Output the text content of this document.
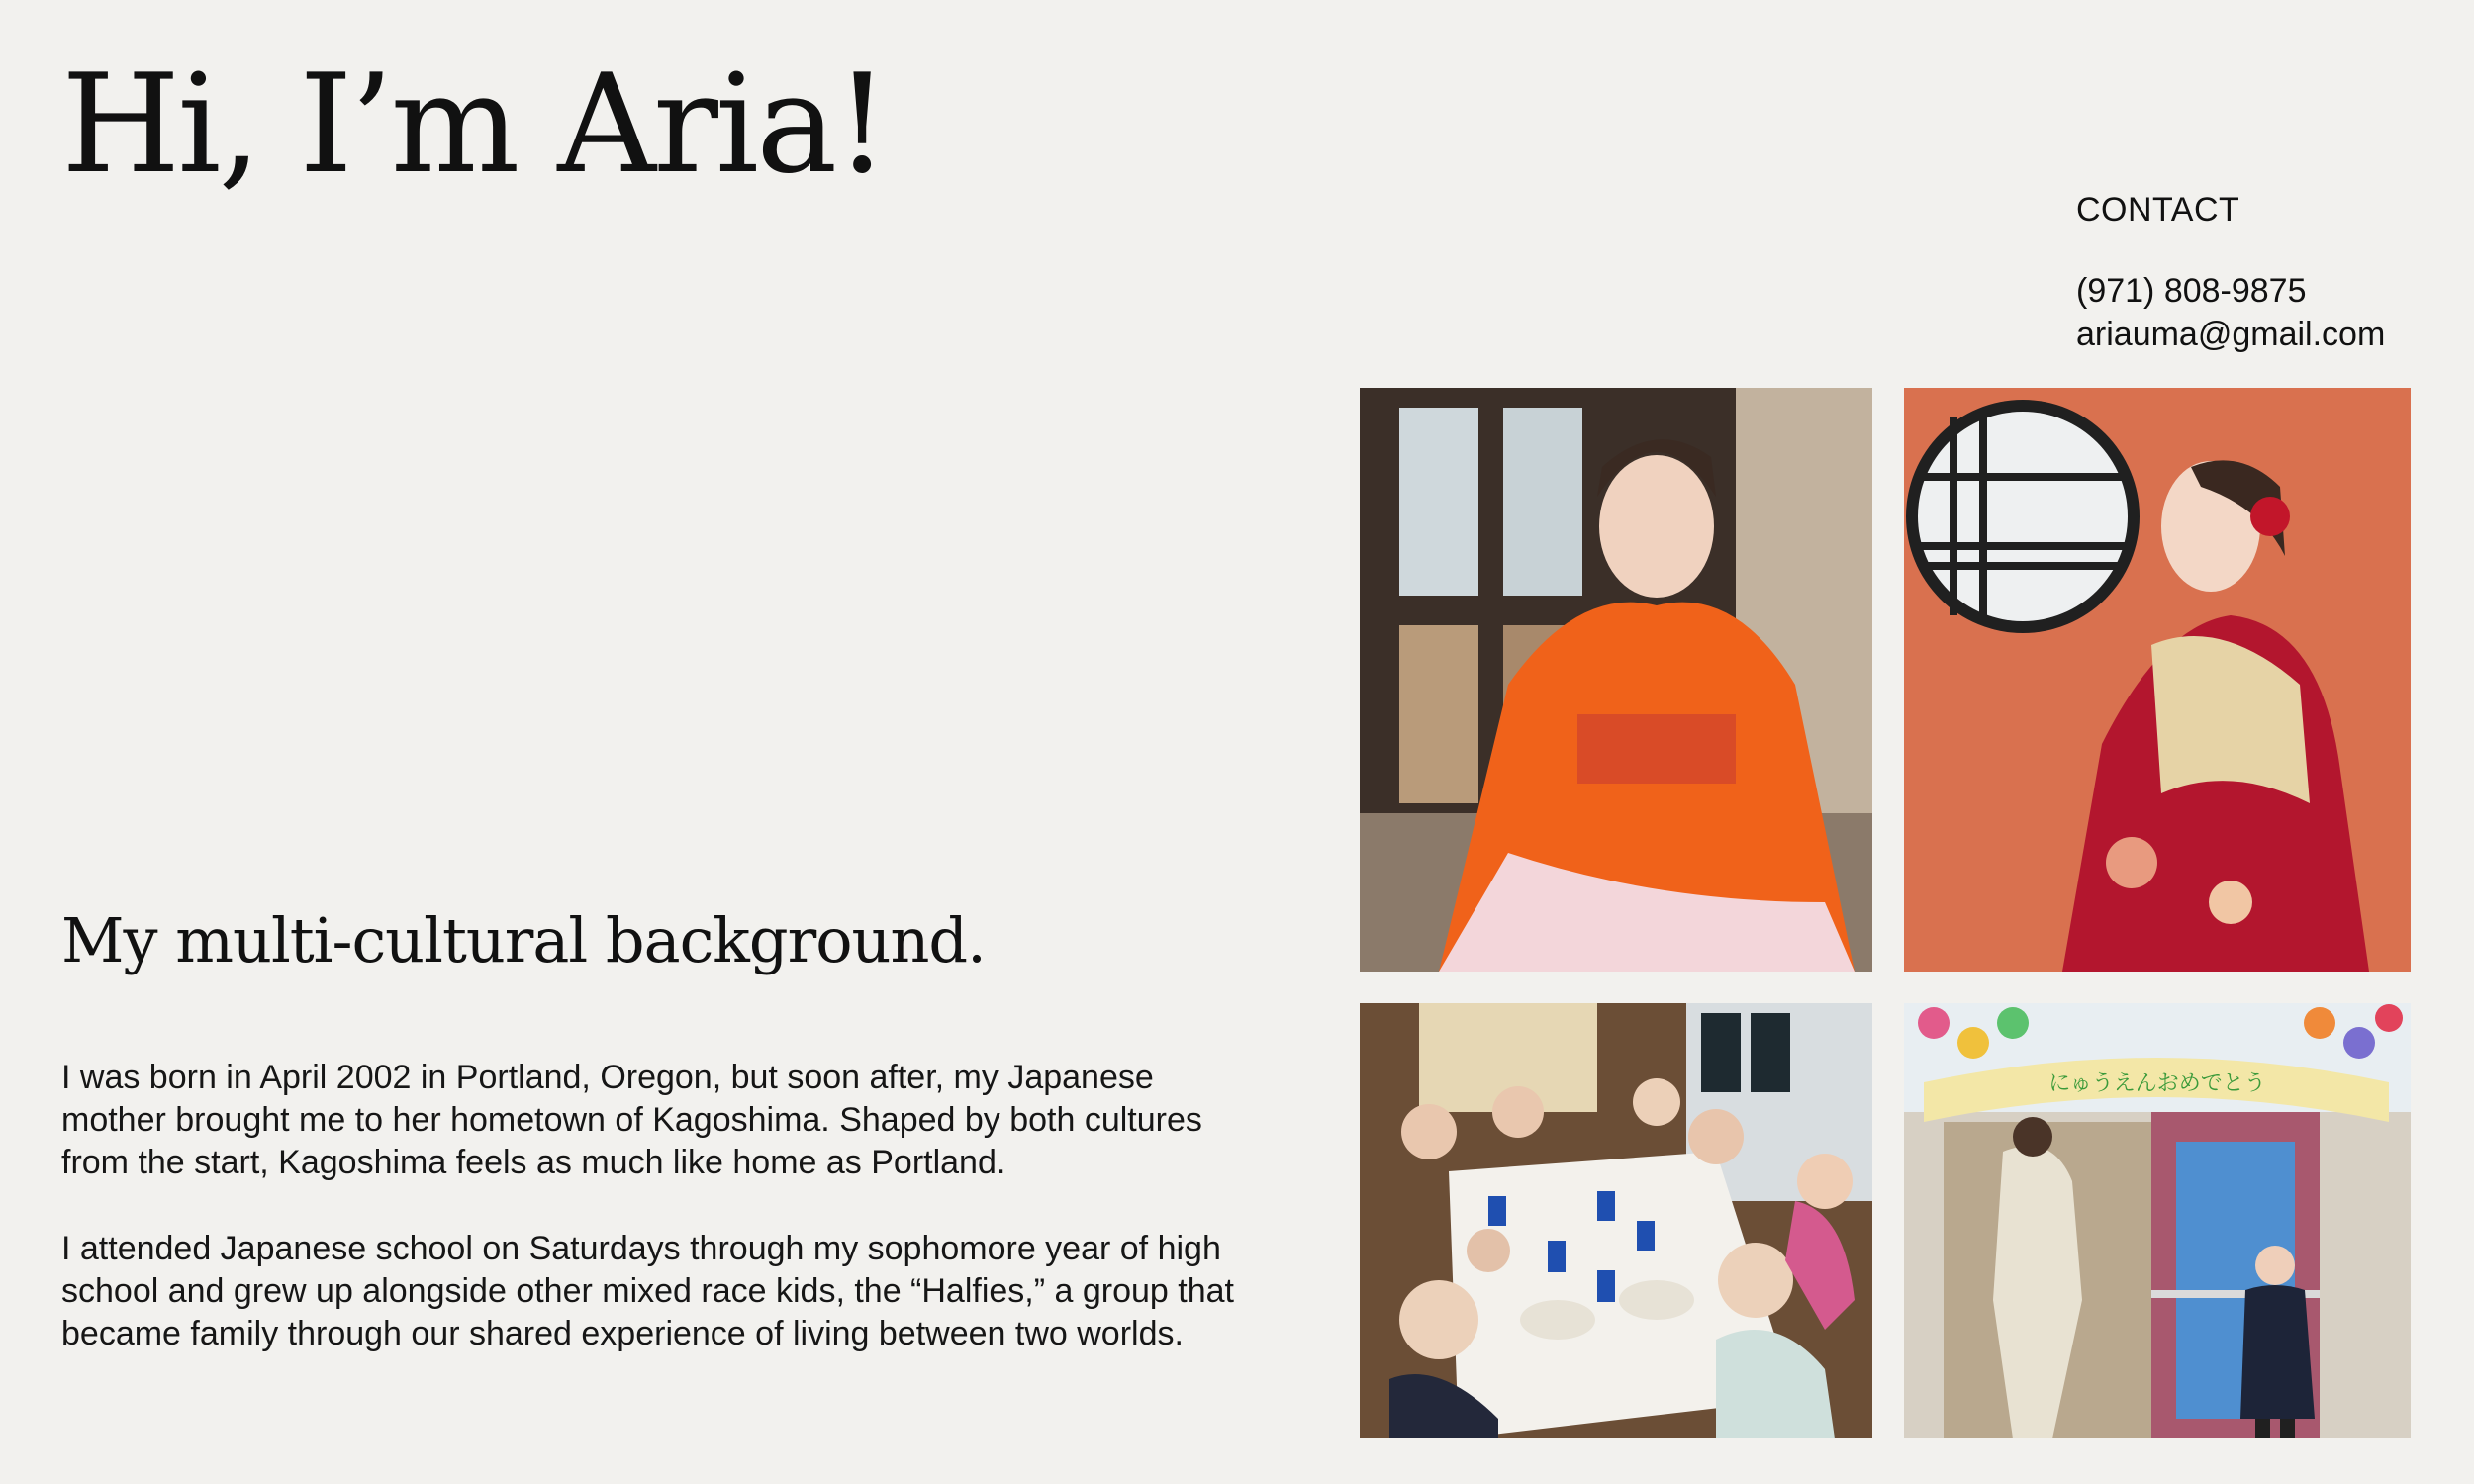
Hi, I’m Aria!
CONTACT
(971) 808-9875
ariauma@gmail.com
My multi-cultural background.

I was born in April 2002 in Portland, Oregon, but soon after, my Japanese mother brought me to her hometown of Kagoshima. Shaped by both cultures from the start, Kagoshima feels as much like home as Portland.

I attended Japanese school on Saturdays through my sophomore year of high school and grew up alongside other mixed race kids, the “Halfies,” a group that became family through our shared experience of living between two worlds.

にゅうえんおめでとう
